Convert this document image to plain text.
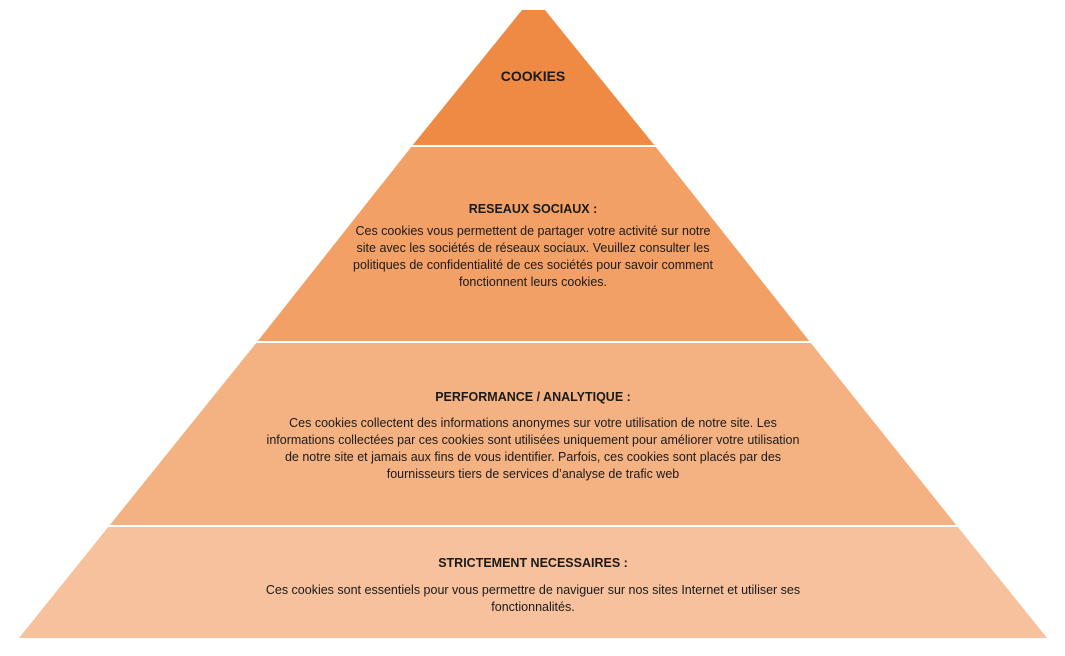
COOKIES
RESEAUX SOCIAUX :
Ces cookies vous permettent de partager votre activité sur notre site avec les sociétés de réseaux sociaux. Veuillez consulter les politiques de confidentialité de ces sociétés pour savoir comment fonctionnent leurs cookies.
PERFORMANCE / ANALYTIQUE :
Ces cookies collectent des informations anonymes sur votre utilisation de notre site. Les informations collectées par ces cookies sont utilisées uniquement pour améliorer votre utilisation de notre site et jamais aux fins de vous identifier. Parfois, ces cookies sont placés par des fournisseurs tiers de services d’analyse de trafic web
STRICTEMENT NECESSAIRES :
Ces cookies sont essentiels pour vous permettre de naviguer sur nos sites Internet et utiliser ses fonctionnalités.
